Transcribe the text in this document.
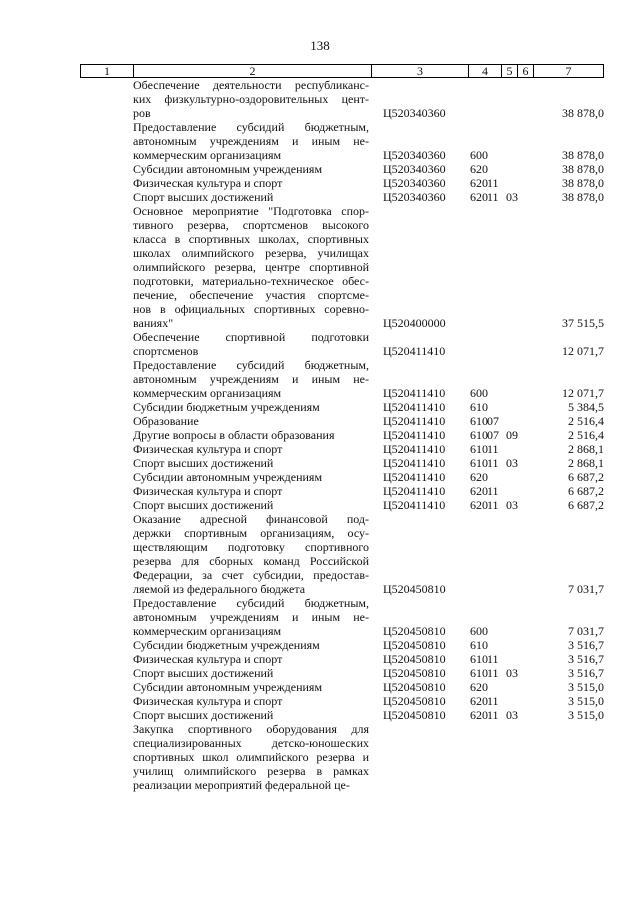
138
1	2	3	4	5 6	7
Обеспечение деятельности республиканс-
ких физкультурно-оздоровительных цент-
ров	Ц520340360	38 878,0
Предоставление субсидий бюджетным,
автономным учреждениям и иным не-
коммерческим организациям	Ц520340360	600	38 878,0
Субсидии автономным учреждениям	Ц520340360	620	38 878,0
Физическая культура и спорт	Ц520340360	620 11	38 878,0
Спорт высших достижений	Ц520340360	620 11 03	38 878,0
Основное мероприятие "Подготовка спор-
тивного резерва, спортсменов высокого
класса в спортивных школах, спортивных
школах олимпийского резерва, училищах
олимпийского резерва, центре спортивной
подготовки, материально-техническое обес-
печение, обеспечение участия спортсме-
нов в официальных спортивных соревно-
ваниях"	Ц520400000	37 515,5
Обеспечение спортивной подготовки
спортсменов	Ц520411410	12 071,7
Предоставление субсидий бюджетным,
автономным учреждениям и иным не-
коммерческим организациям	Ц520411410	600	12 071,7
Субсидии бюджетным учреждениям	Ц520411410	610	5 384,5
Образование	Ц520411410	610 07	2 516,4
Другие вопросы в области образования	Ц520411410	610 07 09	2 516,4
Физическая культура и спорт	Ц520411410	610 11	2 868,1
Спорт высших достижений	Ц520411410	610 11 03	2 868,1
Субсидии автономным учреждениям	Ц520411410	620	6 687,2
Физическая культура и спорт	Ц520411410	620 11	6 687,2
Спорт высших достижений	Ц520411410	620 11 03	6 687,2
Оказание адресной финансовой под-
держки спортивным организациям, осу-
ществляющим подготовку спортивного
резерва для сборных команд Российской
Федерации, за счет субсидии, предостав-
ляемой из федерального бюджета	Ц520450810	7 031,7
Предоставление субсидий бюджетным,
автономным учреждениям и иным не-
коммерческим организациям	Ц520450810	600	7 031,7
Субсидии бюджетным учреждениям	Ц520450810	610	3 516,7
Физическая культура и спорт	Ц520450810	610 11	3 516,7
Спорт высших достижений	Ц520450810	610 11 03	3 516,7
Субсидии автономным учреждениям	Ц520450810	620	3 515,0
Физическая культура и спорт	Ц520450810	620 11	3 515,0
Спорт высших достижений	Ц520450810	620 11 03	3 515,0
Закупка спортивного оборудования для
специализированных детско-юношеских
спортивных школ олимпийского резерва и
училищ олимпийского резерва в рамках
реализации мероприятий федеральной це-
